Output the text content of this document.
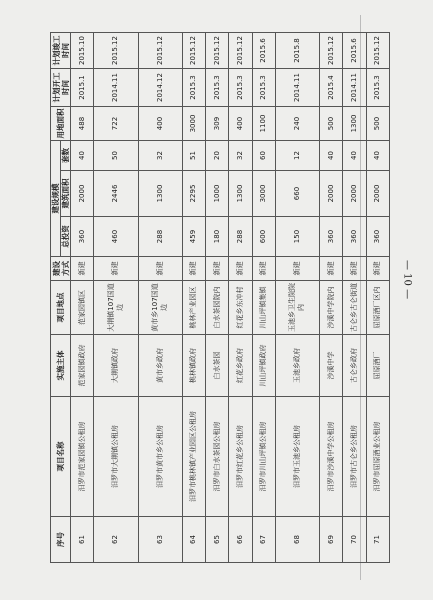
序号	项目名称	实施主体	项目地点	建设方式	建设规模			用地面积	计划开工时间	计划竣工时间
					总投资	建筑面积	套数			
61	汨罗市范家园镇公租房	范家园镇政府	范家园镇区	新建	360	2000	40	488	2015.1	2015.10
62	汨罗市大荆镇公租房	大荆镇政府	大荆镇107国道边	新建	460	2446	50	722	2014.11	2015.12
63	汨罗市黄市乡公租房	黄市乡政府	黄市乡107国道边	新建	288	1300	32	400	2014.12	2015.12
64	汨罗市桃林镇产业园区公租房	桃林镇政府	桃林产业园区	新建	459	2295	51	3000	2015.3	2015.12
65	汨罗市白水茶园公租房	白水茶园	白水茶园院内	新建	180	1000	20	309	2015.3	2015.12
66	汨罗市红花乡公租房	红花乡政府	红花乡东冲村	新建	288	1300	32	400	2015.3	2015.12
67	汨罗市川山坪镇公租房	川山坪镇政府	川山坪镇集镇	新建	600	3000	60	1100	2015.3	2015.6
68	汨罗市玉池乡公租房	玉池乡政府	玉池乡卫生院院内	新建	150	660	12	240	2014.11	2015.8
69	汨罗市沙溪中学公租房	沙溪中学	沙溪中学院内	新建	360	2000	40	500	2015.4	2015.12
70	汨罗市古仑乡公租房	古仑乡政府	古仑乡古仑街道	新建	360	2000	40	1300	2014.11	2015.6
71	汨罗市屈原酒业公租房	屈原酒厂	屈原酒厂区内	新建	360	2000	40	500	2015.3	2015.12
— 10 —
